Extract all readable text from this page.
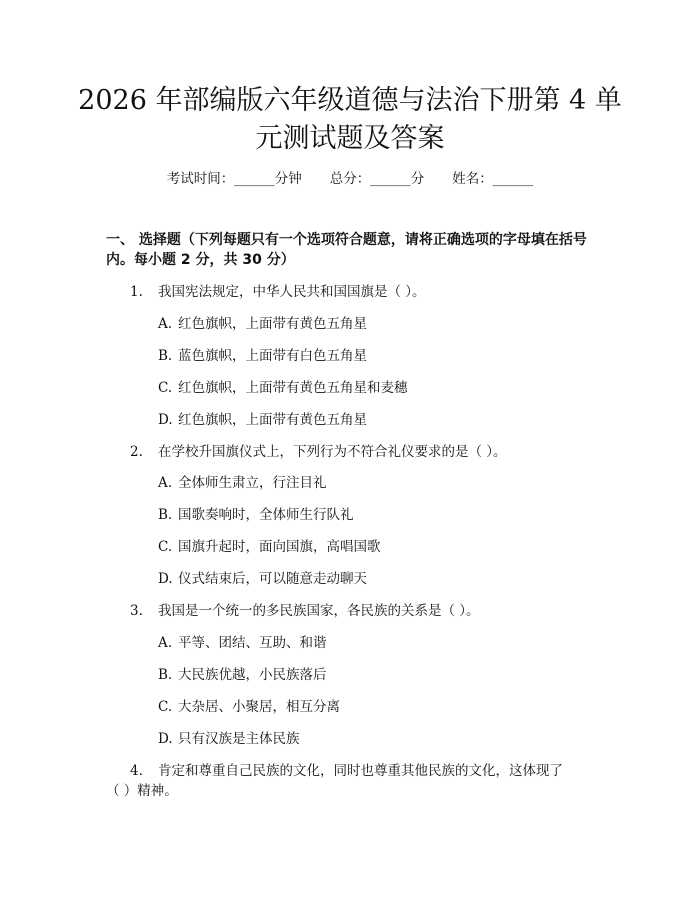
2026 年部编版六年级道德与法治下册第 4 单
元测试题及答案
考试时间：______分钟 总分：______分 姓名：______
一、 选择题（下列每题只有一个选项符合题意，请将正确选项的字母填在括号
内。每小题 2 分，共 30 分）
1. 我国宪法规定，中华人民共和国国旗是（ ）。
A. 红色旗帜，上面带有黄色五角星
B. 蓝色旗帜，上面带有白色五角星
C. 红色旗帜，上面带有黄色五角星和麦穗
D. 红色旗帜，上面带有黄色五角星
2. 在学校升国旗仪式上，下列行为不符合礼仪要求的是（ ）。
A. 全体师生肃立，行注目礼
B. 国歌奏响时，全体师生行队礼
C. 国旗升起时，面向国旗，高唱国歌
D. 仪式结束后，可以随意走动聊天
3. 我国是一个统一的多民族国家，各民族的关系是（ ）。
A. 平等、团结、互助、和谐
B. 大民族优越，小民族落后
C. 大杂居、小聚居，相互分离
D. 只有汉族是主体民族
4. 肯定和尊重自己民族的文化，同时也尊重其他民族的文化，这体现了
（ ）精神。
